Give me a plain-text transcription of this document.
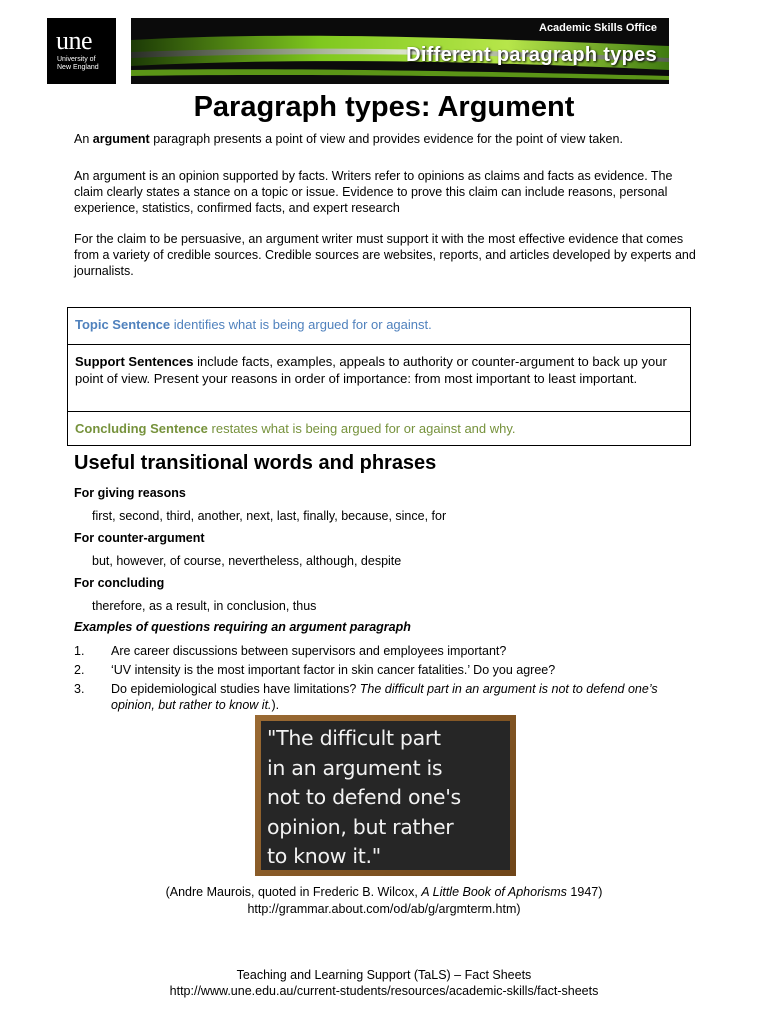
une
University of
New England
Academic Skills Office
Different paragraph types
Paragraph types: Argument

An argument paragraph presents a point of view and provides evidence for the point of view taken.

An argument is an opinion supported by facts. Writers refer to opinions as claims and facts as evidence. The claim clearly states a stance on a topic or issue. Evidence to prove this claim can include reasons, personal experience, statistics, confirmed facts, and expert research

For the claim to be persuasive, an argument writer must support it with the most effective evidence that comes from a variety of credible sources. Credible sources are websites, reports, and articles developed by experts and journalists.

Topic Sentence identifies what is being argued for or against.
Support Sentences include facts, examples, appeals to authority or counter-argument to back up your point of view. Present your reasons in order of importance: from most important to least important.
Concluding Sentence restates what is being argued for or against and why.
Useful transitional words and phrases
For giving reasons
first, second, third, another, next, last, finally, because, since, for
For counter-argument
but, however, of course, nevertheless, although, despite
For concluding
therefore, as a result, in conclusion, thus
Examples of questions requiring an argument paragraph
1. Are career discussions between supervisors and employees important?
2. ‘UV intensity is the most important factor in skin cancer fatalities.’ Do you agree?
3. Do epidemiological studies have limitations? The difficult part in an argument is not to defend one’s opinion, but rather to know it.).
"The difficult part
in an argument is
not to defend one's
opinion, but rather
to know it."
(Andre Maurois, quoted in Frederic B. Wilcox, A Little Book of Aphorisms 1947)
http://grammar.about.com/od/ab/g/argmterm.htm)
Teaching and Learning Support (TaLS) – Fact Sheets
http://www.une.edu.au/current-students/resources/academic-skills/fact-sheets
